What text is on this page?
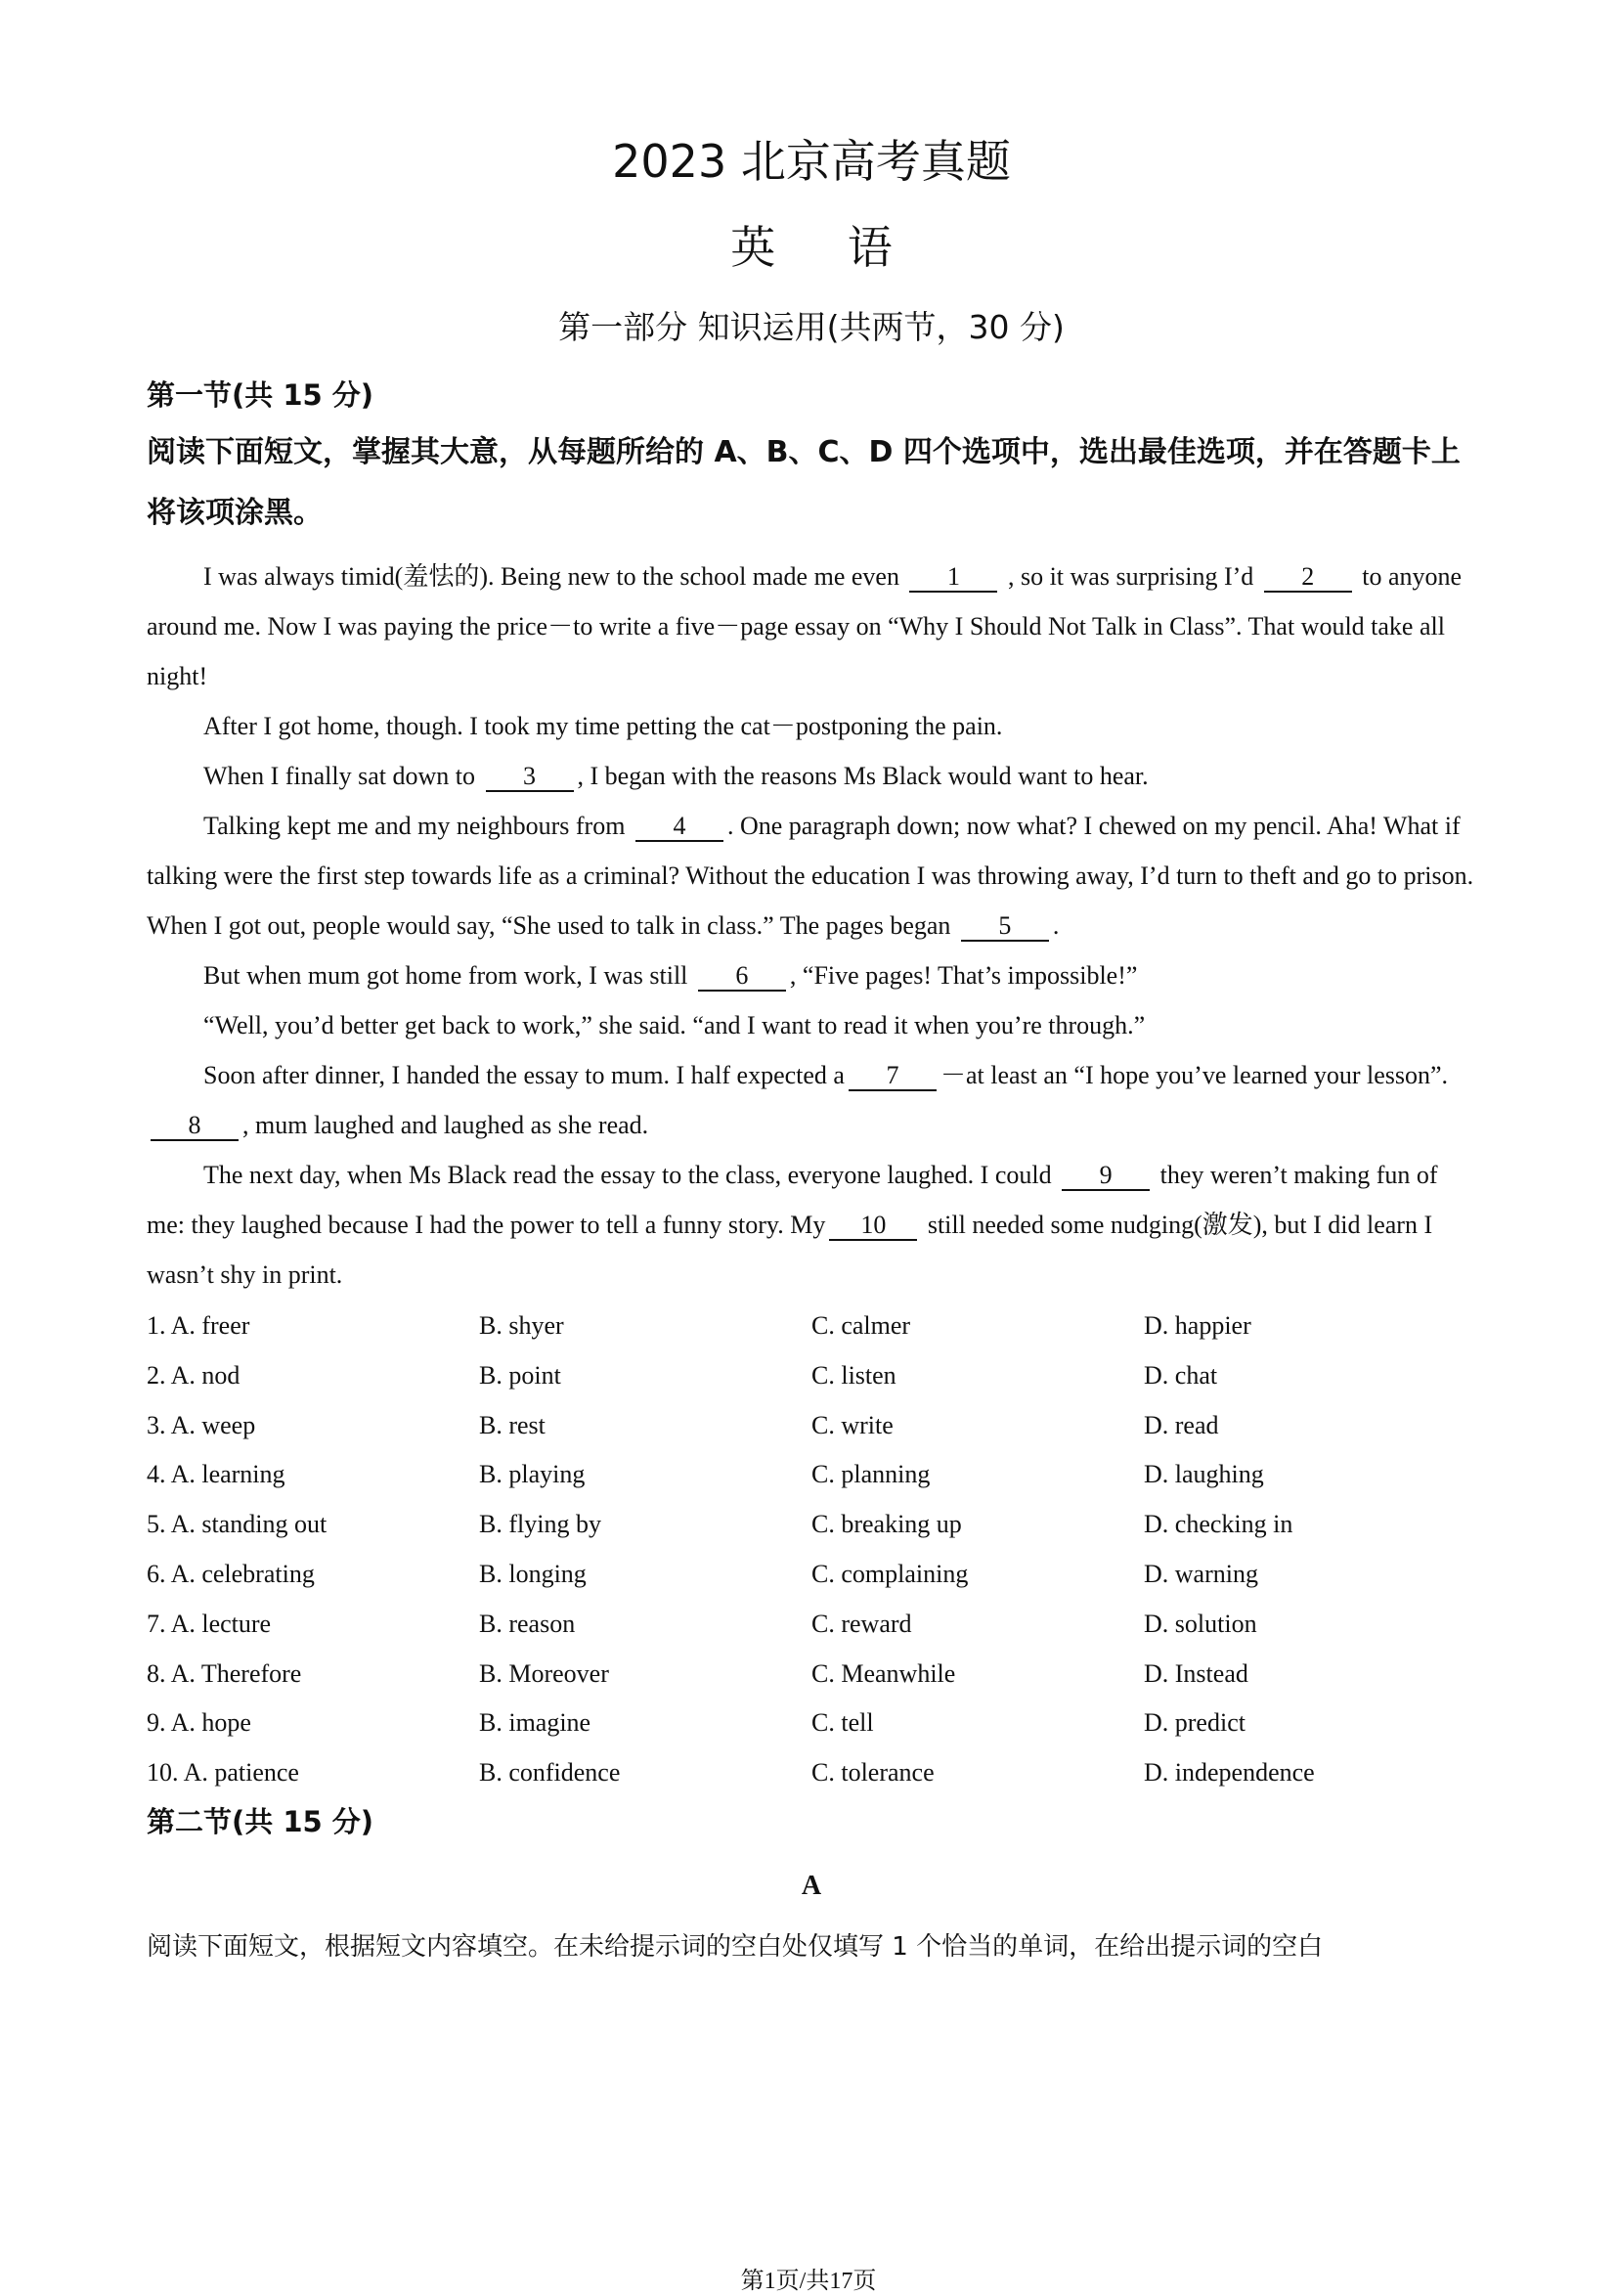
2023 北京高考真题
英语
第一部分 知识运用(共两节，30 分)
第一节(共 15 分)
阅读下面短文，掌握其大意，从每题所给的 A、B、C、D 四个选项中，选出最佳选项，并在答题卡上将该项涂黑。

I was always timid(羞怯的). Being new to the school made me even 1 , so it was surprising I’d 2 to anyone around me. Now I was paying the price－to write a five－page essay on “Why I Should Not Talk in Class”. That would take all night!

After I got home, though. I took my time petting the cat－postponing the pain.

When I finally sat down to 3 , I began with the reasons Ms Black would want to hear.

Talking kept me and my neighbours from 4 . One paragraph down; now what? I chewed on my pencil. Aha! What if talking were the first step towards life as a criminal? Without the education I was throwing away, I’d turn to theft and go to prison. When I got out, people would say, “She used to talk in class.” The pages began 5 .

But when mum got home from work, I was still 6 , “Five pages! That’s impossible!”

“Well, you’d better get back to work,” she said. “and I want to read it when you’re through.”

Soon after dinner, I handed the essay to mum. I half expected a 7 －at least an “I hope you’ve learned your lesson”. 8 , mum laughed and laughed as she read.

The next day, when Ms Black read the essay to the class, everyone laughed. I could 9 they weren’t making fun of me: they laughed because I had the power to tell a funny story. My 10 still needed some nudging(激发), but I did learn I wasn’t shy in print.

1. A. freer	B. shyer	C. calmer	D. happier
2. A. nod	B. point	C. listen	D. chat
3. A. weep	B. rest	C. write	D. read
4. A. learning	B. playing	C. planning	D. laughing
5. A. standing out	B. flying by	C. breaking up	D. checking in
6. A. celebrating	B. longing	C. complaining	D. warning
7. A. lecture	B. reason	C. reward	D. solution
8. A. Therefore	B. Moreover	C. Meanwhile	D. Instead
9. A. hope	B. imagine	C. tell	D. predict
10. A. patience	B. confidence	C. tolerance	D. independence
第二节(共 15 分)
A
阅读下面短文，根据短文内容填空。在未给提示词的空白处仅填写 1 个恰当的单词，在给出提示词的空白
第1页/共17页
